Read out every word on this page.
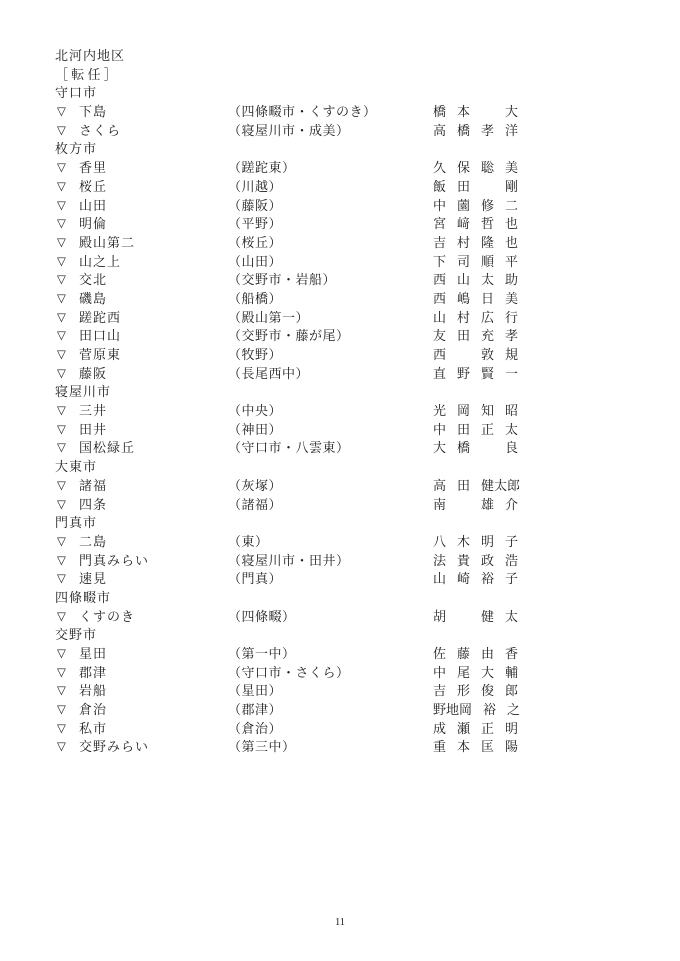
北河内地区
［ 転 任 ］
守口市
▽ 下島	（四條畷市・くすのき）	橋 本	大
▽ さくら	（寝屋川市・成美）	高 橋 孝 洋
枚方市
▽ 香里	（蹉跎東）	久 保 聡 美
▽ 桜丘	（川越）	飯 田	剛
▽ 山田	（藤阪）	中 薗 修 二
▽ 明倫	（平野）	宮 﨑 哲 也
▽ 殿山第二	（桜丘）	吉 村 隆 也
▽ 山之上	（山田）	下 司 順 平
▽ 交北	（交野市・岩船）	西 山 太 助
▽ 磯島	（船橋）	西 嶋 日 美
▽ 蹉跎西	（殿山第一）	山 村 広 行
▽ 田口山	（交野市・藤が尾）	友 田 充 孝
▽ 菅原東	（牧野）	西	敦 規
▽ 藤阪	（長尾西中）	直 野 賢 一
寝屋川市
▽ 三井	（中央）	光 岡 知 昭
▽ 田井	（神田）	中 田 正 太
▽ 国松緑丘	（守口市・八雲東）	大 橋	良
大東市
▽ 諸福	（灰塚）	高 田 健 太 郎
▽ 四条	（諸福）	南	雄 介
門真市
▽ 二島	（東）	八 木 明 子
▽ 門真みらい	（寝屋川市・田井）	法 貴 政 浩
▽ 速見	（門真）	山 崎 裕 子
四條畷市
▽ くすのき	（四條畷）	胡	健 太
交野市
▽ 星田	（第一中）	佐 藤 由 香
▽ 郡津	（守口市・さくら）	中 尾 大 輔
▽ 岩船	（星田）	吉 形 俊 郎
▽ 倉治	（郡津）	野 地 岡 裕 之
▽ 私市	（倉治）	成 瀬 正 明
▽ 交野みらい	（第三中）	重 本 匡 陽
11
